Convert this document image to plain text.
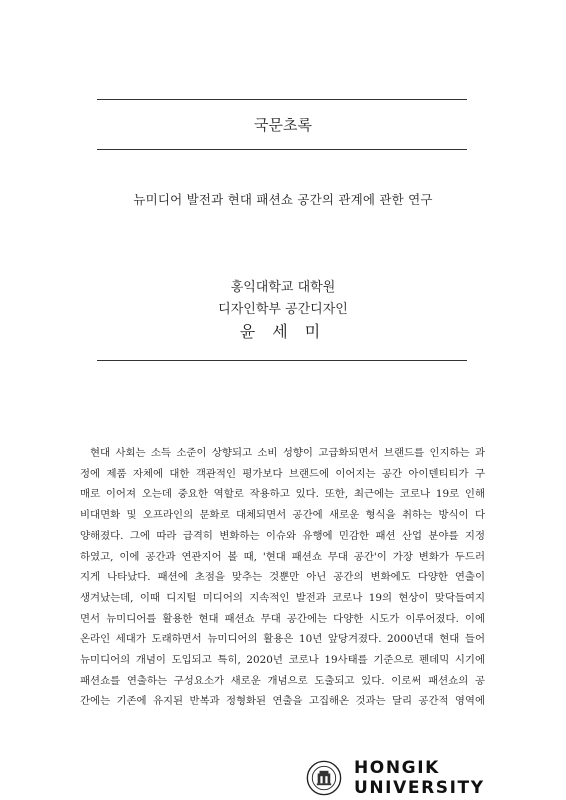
국문초록
뉴미디어 발전과 현대 패션쇼 공간의 관계에 관한 연구
홍익대학교 대학원
디자인학부 공간디자인
윤 세 미
현대 사회는 소득 소준이 상향되고 소비 성향이 고급화되면서 브랜드를 인지하는 과
정에 제품 자체에 대한 객관적인 평가보다 브랜드에 이어지는 공간 아이덴티티가 구
매로 이어져 오는데 중요한 역할로 작용하고 있다. 또한, 최근에는 코로나 19로 인해
비대면화 및 오프라인의 문화로 대체되면서 공간에 새로운 형식을 취하는 방식이 다
양해졌다. 그에 따라 급격히 변화하는 이슈와 유행에 민감한 패션 산업 분야를 지정
하였고, 이에 공간과 연관지어 볼 때, '현대 패션쇼 무대 공간'이 가장 변화가 두드러
지게 나타났다. 패션에 초점을 맞추는 것뿐만 아닌 공간의 변화에도 다양한 연출이
생겨났는데, 이때 디지털 미디어의 지속적인 발전과 코로나 19의 현상이 맞닥들여지
면서 뉴미디어를 활용한 현대 패션쇼 무대 공간에는 다양한 시도가 이루어졌다. 이에
온라인 세대가 도래하면서 뉴미디어의 활용은 10년 앞당겨졌다. 2000년대 현대 들어
뉴미디어의 개념이 도입되고 특히, 2020년 코로나 19사태를 기준으로 펜데믹 시기에
패션쇼를 연출하는 구성요소가 새로운 개념으로 도출되고 있다. 이로써 패션쇼의 공
간에는 기존에 유지된 반복과 정형화된 연출을 고집해온 것과는 달리 공간적 영역에
HONGIK UNIVERSITY
